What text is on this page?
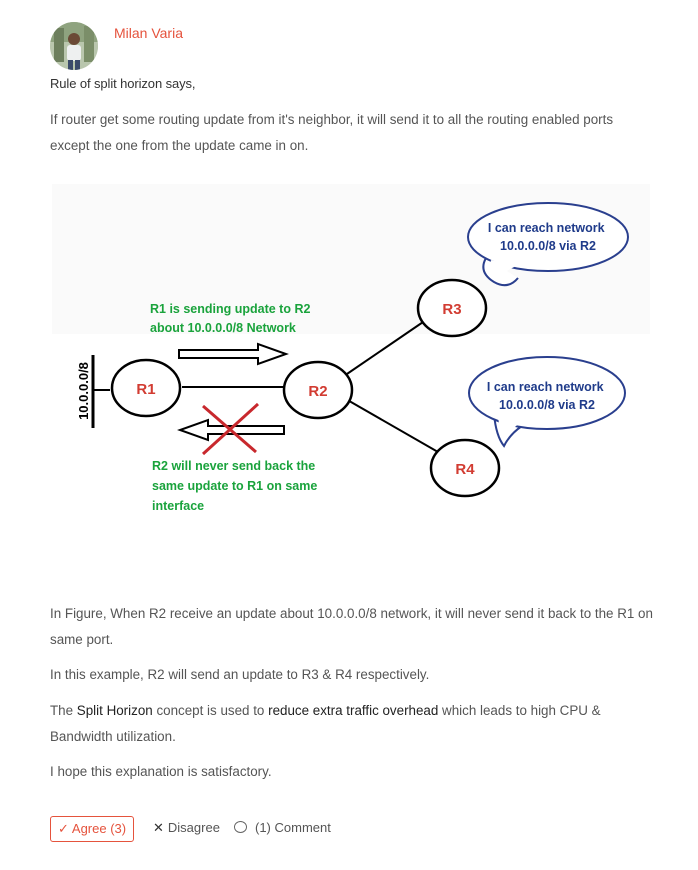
Milan Varia
Rule of split horizon says,
If router get some routing update from it's neighbor, it will send it to all the routing enabled ports except the one from the update came in on.
10.0.0.0/8	R1	R2
R3
R4
R1 is sending update to R2 about 10.0.0.0/8 Network
R2 will never send back the same update to R1 on same interface
I can reach network 10.0.0.0/8 via R2
I can reach network 10.0.0.0/8 via R2
In Figure, When R2 receive an update about 10.0.0.0/8 network, it will never send it back to the R1 on same port.
In this example, R2 will send an update to R3 & R4 respectively.
The Split Horizon concept is used to reduce extra traffic overhead which leads to high CPU & Bandwidth utilization.
I hope this explanation is satisfactory.
✓ Agree (3)	✕ Disagree	(1) Comment
